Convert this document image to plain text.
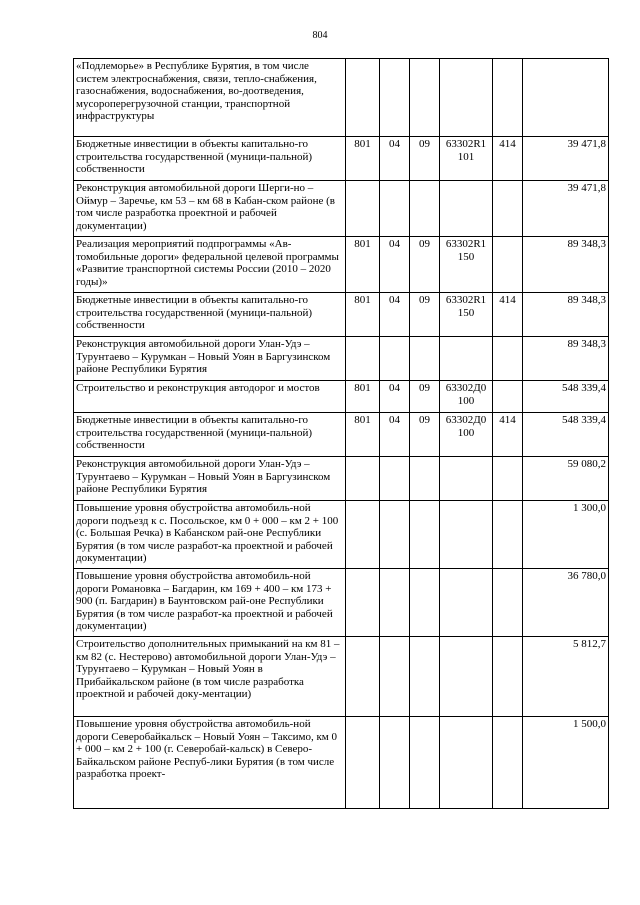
804
«Подлеморье» в Республике Бурятия, в том числе систем электроснабжения, связи, тепло-снабжения, газоснабжения, водоснабжения, во-доотведения, мусороперегрузочной станции, транспортной инфраструктуры						
Бюджетные инвестиции в объекты капитально-го строительства государственной (муници-пальной) собственности	801	04	09	63302R1 101	414	39 471,8
Реконструкция автомобильной дороги Шерги-но – Оймур – Заречье, км 53 – км 68 в Кабан-ском районе (в том числе разработка проектной и рабочей документации)						39 471,8
Реализация мероприятий подпрограммы «Ав-томобильные дороги» федеральной целевой программы «Развитие транспортной системы России (2010 – 2020 годы)»	801	04	09	63302R1 150		89 348,3
Бюджетные инвестиции в объекты капитально-го строительства государственной (муници-пальной) собственности	801	04	09	63302R1 150	414	89 348,3
Реконструкция автомобильной дороги Улан-Удэ – Турунтаево – Курумкан – Новый Уоян в Баргузинском районе Республики Бурятия						89 348,3
Строительство и реконструкция автодорог и мостов	801	04	09	63302Д0 100		548 339,4
Бюджетные инвестиции в объекты капитально-го строительства государственной (муници-пальной) собственности	801	04	09	63302Д0 100	414	548 339,4
Реконструкция автомобильной дороги Улан-Удэ – Турунтаево – Курумкан – Новый Уоян в Баргузинском районе Республики Бурятия						59 080,2
Повышение уровня обустройства автомобиль-ной дороги подъезд к с. Посольское, км 0 + 000 – км 2 + 100 (с. Большая Речка) в Кабанском рай-оне Республики Бурятия (в том числе разработ-ка проектной и рабочей документации)						1 300,0
Повышение уровня обустройства автомобиль-ной дороги Романовка – Багдарин, км 169 + 400 – км 173 + 900 (п. Багдарин) в Баунтовском рай-оне Республики Бурятия (в том числе разработ-ка проектной и рабочей документации)						36 780,0
Строительство дополнительных примыканий на км 81 – км 82 (с. Нестерово) автомобильной дороги Улан-Удэ – Турунтаево – Курумкан – Новый Уоян в Прибайкальском районе (в том числе разработка проектной и рабочей доку-ментации)						5 812,7
Повышение уровня обустройства автомобиль-ной дороги Северобайкальск – Новый Уоян – Таксимо, км 0 + 000 – км 2 + 100 (г. Северобай-кальск) в Северо-Байкальском районе Респуб-лики Бурятия (в том числе разработка проект-						1 500,0
